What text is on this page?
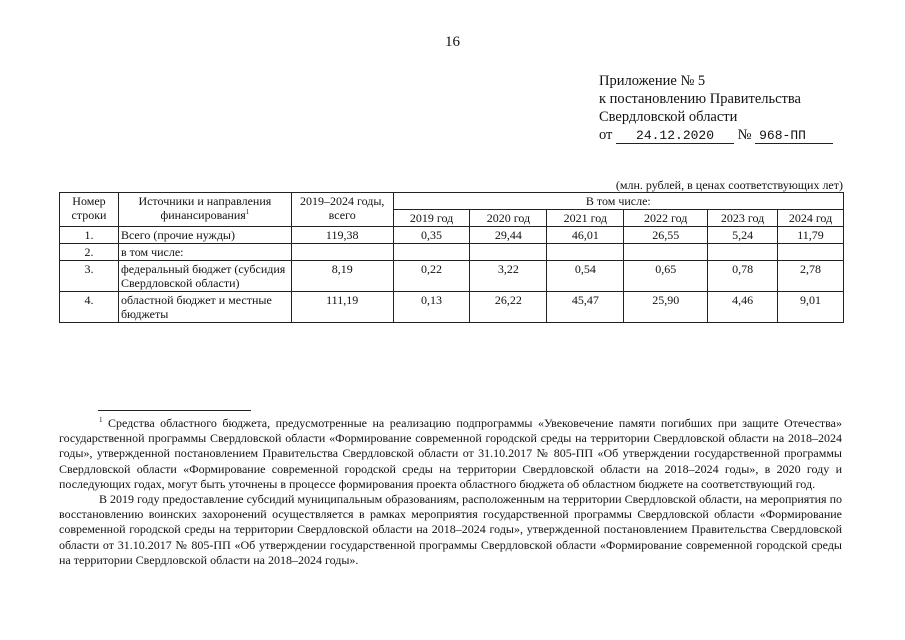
16
Приложение № 5
к постановлению Правительства
Свердловской области
от 24.12.2020 № 968-ПП
(млн. рублей, в ценах соответствующих лет)
Номер строки	Источники и направления финансирования$^1$	2019–2024 годы, всего	В том числе:					
			2019 год	2020 год	2021 год	2022 год	2023 год	2024 год
1.	Всего (прочие нужды)	119,38	0,35	29,44	46,01	26,55	5,24	11,79
2.	в том числе:							
3.	федеральный бюджет (субсидия Свердловской области)	8,19	0,22	3,22	0,54	0,65	0,78	2,78
4.	областной бюджет и местные бюджеты	111,19	0,13	26,22	45,47	25,90	4,46	9,01

$^1$ Средства областного бюджета, предусмотренные на реализацию подпрограммы «Увековечение памяти погибших при защите Отечества» государственной программы Свердловской области «Формирование современной городской среды на территории Свердловской области на 2018–2024 годы», утвержденной постановлением Правительства Свердловской области от 31.10.2017 № 805-ПП «Об утверждении государственной программы Свердловской области «Формирование современной городской среды на территории Свердловской области на 2018–2024 годы», в 2020 году и последующих годах, могут быть уточнены в процессе формирования проекта областного бюджета об областном бюджете на соответствующий год.

В 2019 году предоставление субсидий муниципальным образованиям, расположенным на территории Свердловской области, на мероприятия по восстановлению воинских захоронений осуществляется в рамках мероприятия государственной программы Свердловской области «Формирование современной городской среды на территории Свердловской области на 2018–2024 годы», утвержденной постановлением Правительства Свердловской области от 31.10.2017 № 805-ПП «Об утверждении государственной программы Свердловской области «Формирование современной городской среды на территории Свердловской области на 2018–2024 годы».
